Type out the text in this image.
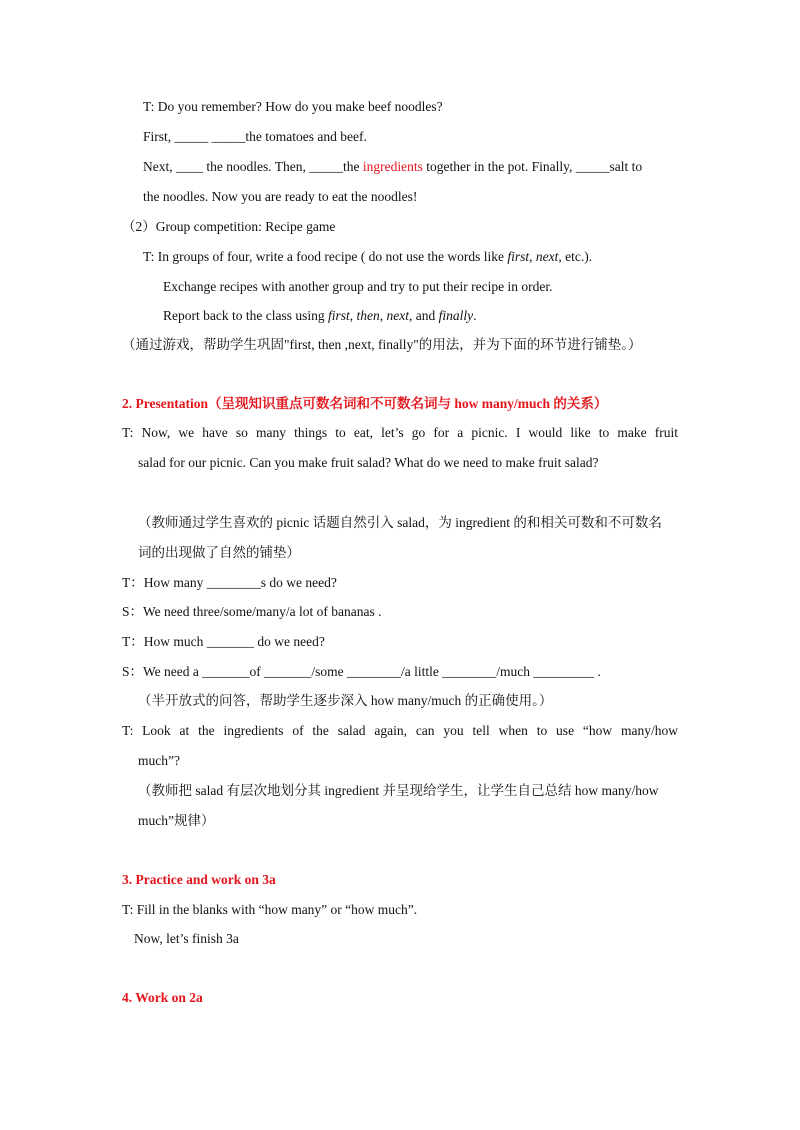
T: Do you remember? How do you make beef noodles?
First, _____ _____the tomatoes and beef.
Next, ____ the noodles. Then, _____the ingredients together in the pot. Finally, _____salt to
the noodles. Now you are ready to eat the noodles!
（2）Group competition: Recipe game
T: In groups of four, write a food recipe ( do not use the words like first, next, etc.).
Exchange recipes with another group and try to put their recipe in order.
Report back to the class using first, then, next, and finally.
（通过游戏，帮助学生巩固"first, then ,next, finally"的用法，并为下面的环节进行铺垫。）
2. Presentation（呈现知识重点可数名词和不可数名词与 how many/much 的关系）
T: Now, we have so many things to eat, let’s go for a picnic. I would like to make fruit
salad for our picnic. Can you make fruit salad? What do we need to make fruit salad?
（教师通过学生喜欢的 picnic 话题自然引入 salad，为 ingredient 的和相关可数和不可数名
词的出现做了自然的铺垫）
T：How many ________s do we need?
S：We need three/some/many/a lot of bananas .
T：How much _______ do we need?
S：We need a _______of _______/some ________/a little ________/much _________ .
（半开放式的问答，帮助学生逐步深入 how many/much 的正确使用。）
T: Look at the ingredients of the salad again, can you tell when to use “how many/how
much”?
（教师把 salad 有层次地划分其 ingredient 并呈现给学生，让学生自己总结 how many/how
much”规律）
3. Practice and work on 3a
T: Fill in the blanks with “how many” or “how much”.
Now, let’s finish 3a
4. Work on 2a
